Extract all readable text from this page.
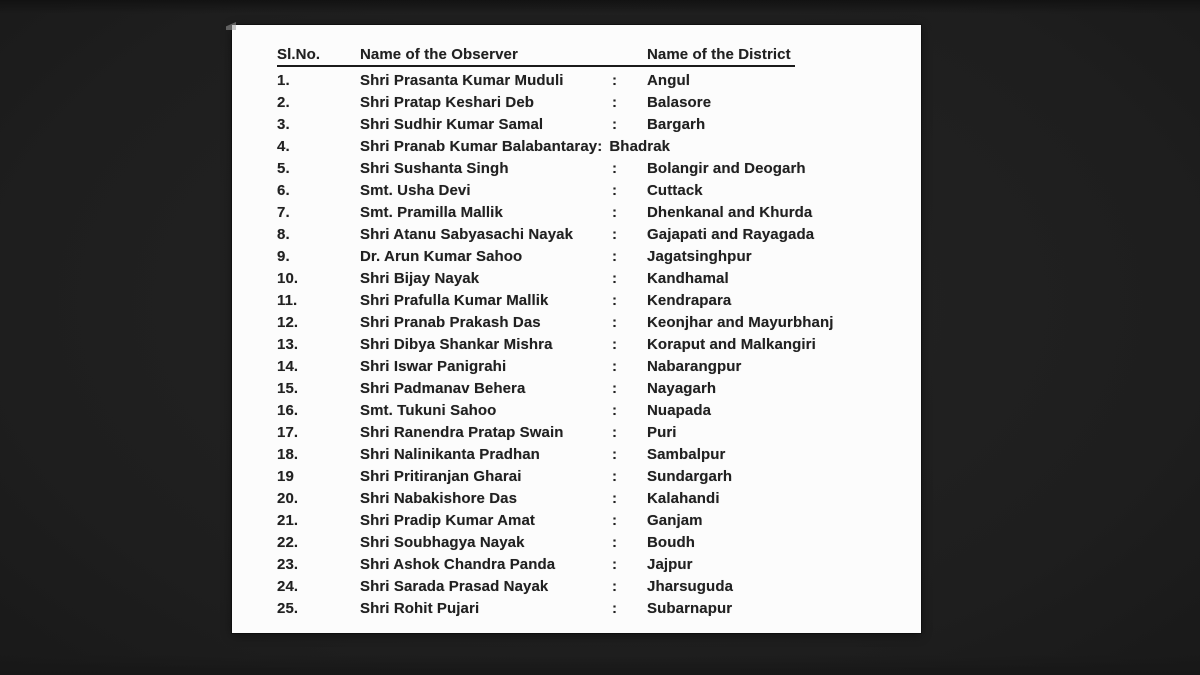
Sl.No.	Name of the Observer	Name of the District
1.	Shri Prasanta Kumar Muduli	:	Angul
2.	Shri Pratap Keshari Deb	:	Balasore
3.	Shri Sudhir Kumar Samal	:	Bargarh
4.	Shri Pranab Kumar Balabantaray : Bhadrak
5.	Shri Sushanta Singh	:	Bolangir and Deogarh
6.	Smt. Usha Devi	:	Cuttack
7.	Smt. Pramilla Mallik	:	Dhenkanal and Khurda
8.	Shri Atanu Sabyasachi Nayak	:	Gajapati and Rayagada
9.	Dr. Arun Kumar Sahoo	:	Jagatsinghpur
10.	Shri Bijay Nayak	:	Kandhamal
11.	Shri Prafulla Kumar Mallik	:	Kendrapara
12.	Shri Pranab Prakash Das	:	Keonjhar and Mayurbhanj
13.	Shri Dibya Shankar Mishra	:	Koraput and Malkangiri
14.	Shri Iswar Panigrahi	:	Nabarangpur
15.	Shri Padmanav Behera	:	Nayagarh
16.	Smt. Tukuni Sahoo	:	Nuapada
17.	Shri Ranendra Pratap Swain	:	Puri
18.	Shri Nalinikanta Pradhan	:	Sambalpur
19	Shri Pritiranjan Gharai	:	Sundargarh
20.	Shri Nabakishore Das	:	Kalahandi
21.	Shri Pradip Kumar Amat	:	Ganjam
22.	Shri Soubhagya Nayak	:	Boudh
23.	Shri Ashok Chandra Panda	:	Jajpur
24.	Shri Sarada Prasad Nayak	:	Jharsuguda
25.	Shri Rohit Pujari	:	Subarnapur
